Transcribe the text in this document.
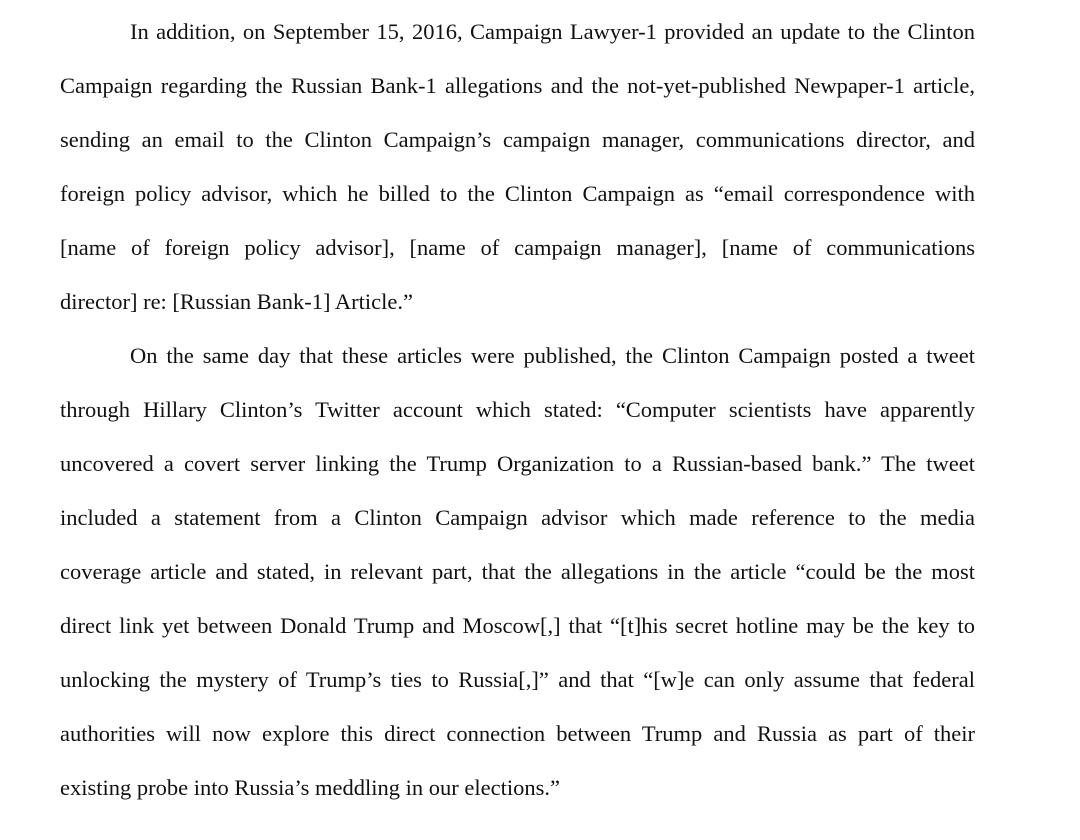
In addition, on September 15, 2016, Campaign Lawyer-1 provided an update to the Clinton
Campaign regarding the Russian Bank-1 allegations and the not-yet-published Newpaper-1 article,
sending an email to the Clinton Campaign’s campaign manager, communications director, and
foreign policy advisor, which he billed to the Clinton Campaign as “email correspondence with
[name of foreign policy advisor], [name of campaign manager], [name of communications
director] re: [Russian Bank-1] Article.”
On the same day that these articles were published, the Clinton Campaign posted a tweet
through Hillary Clinton’s Twitter account which stated: “Computer scientists have apparently
uncovered a covert server linking the Trump Organization to a Russian-based bank.” The tweet
included a statement from a Clinton Campaign advisor which made reference to the media
coverage article and stated, in relevant part, that the allegations in the article “could be the most
direct link yet between Donald Trump and Moscow[,] that “[t]his secret hotline may be the key to
unlocking the mystery of Trump’s ties to Russia[,]” and that “[w]e can only assume that federal
authorities will now explore this direct connection between Trump and Russia as part of their
existing probe into Russia’s meddling in our elections.”
